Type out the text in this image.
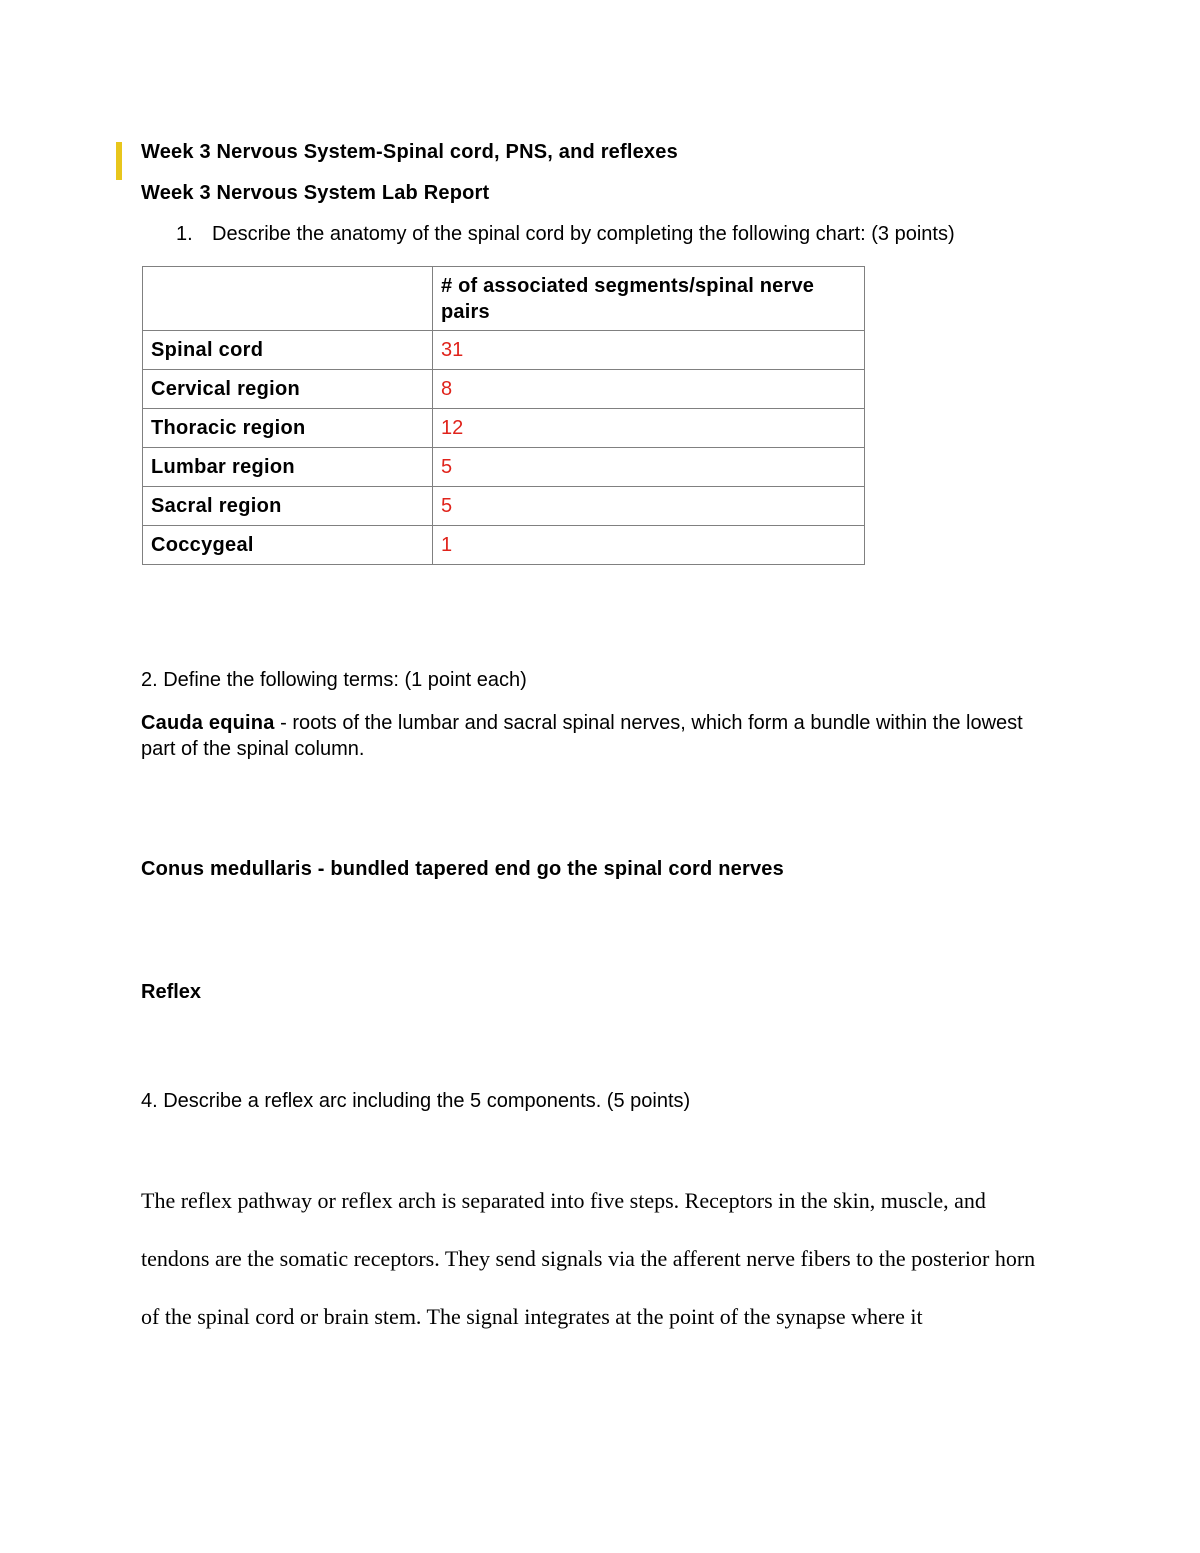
Week 3 Nervous System-Spinal cord, PNS, and reflexes
Week 3 Nervous System Lab Report
1. Describe the anatomy of the spinal cord by completing the following chart: (3 points)
	# of associated segments/spinal nerve pairs
Spinal cord	31
Cervical region	8
Thoracic region	12
Lumbar region	5
Sacral region	5
Coccygeal	1
2. Define the following terms: (1 point each)
Cauda equina - roots of the lumbar and sacral spinal nerves, which form a bundle within the lowest part of the spinal column.
Conus medullaris - bundled tapered end go the spinal cord nerves
Reflex
4. Describe a reflex arc including the 5 components. (5 points)
The reflex pathway or reflex arch is separated into five steps. Receptors in the skin, muscle, and tendons are the somatic receptors. They send signals via the afferent nerve fibers to the posterior horn of the spinal cord or brain stem. The signal integrates at the point of the synapse where it
